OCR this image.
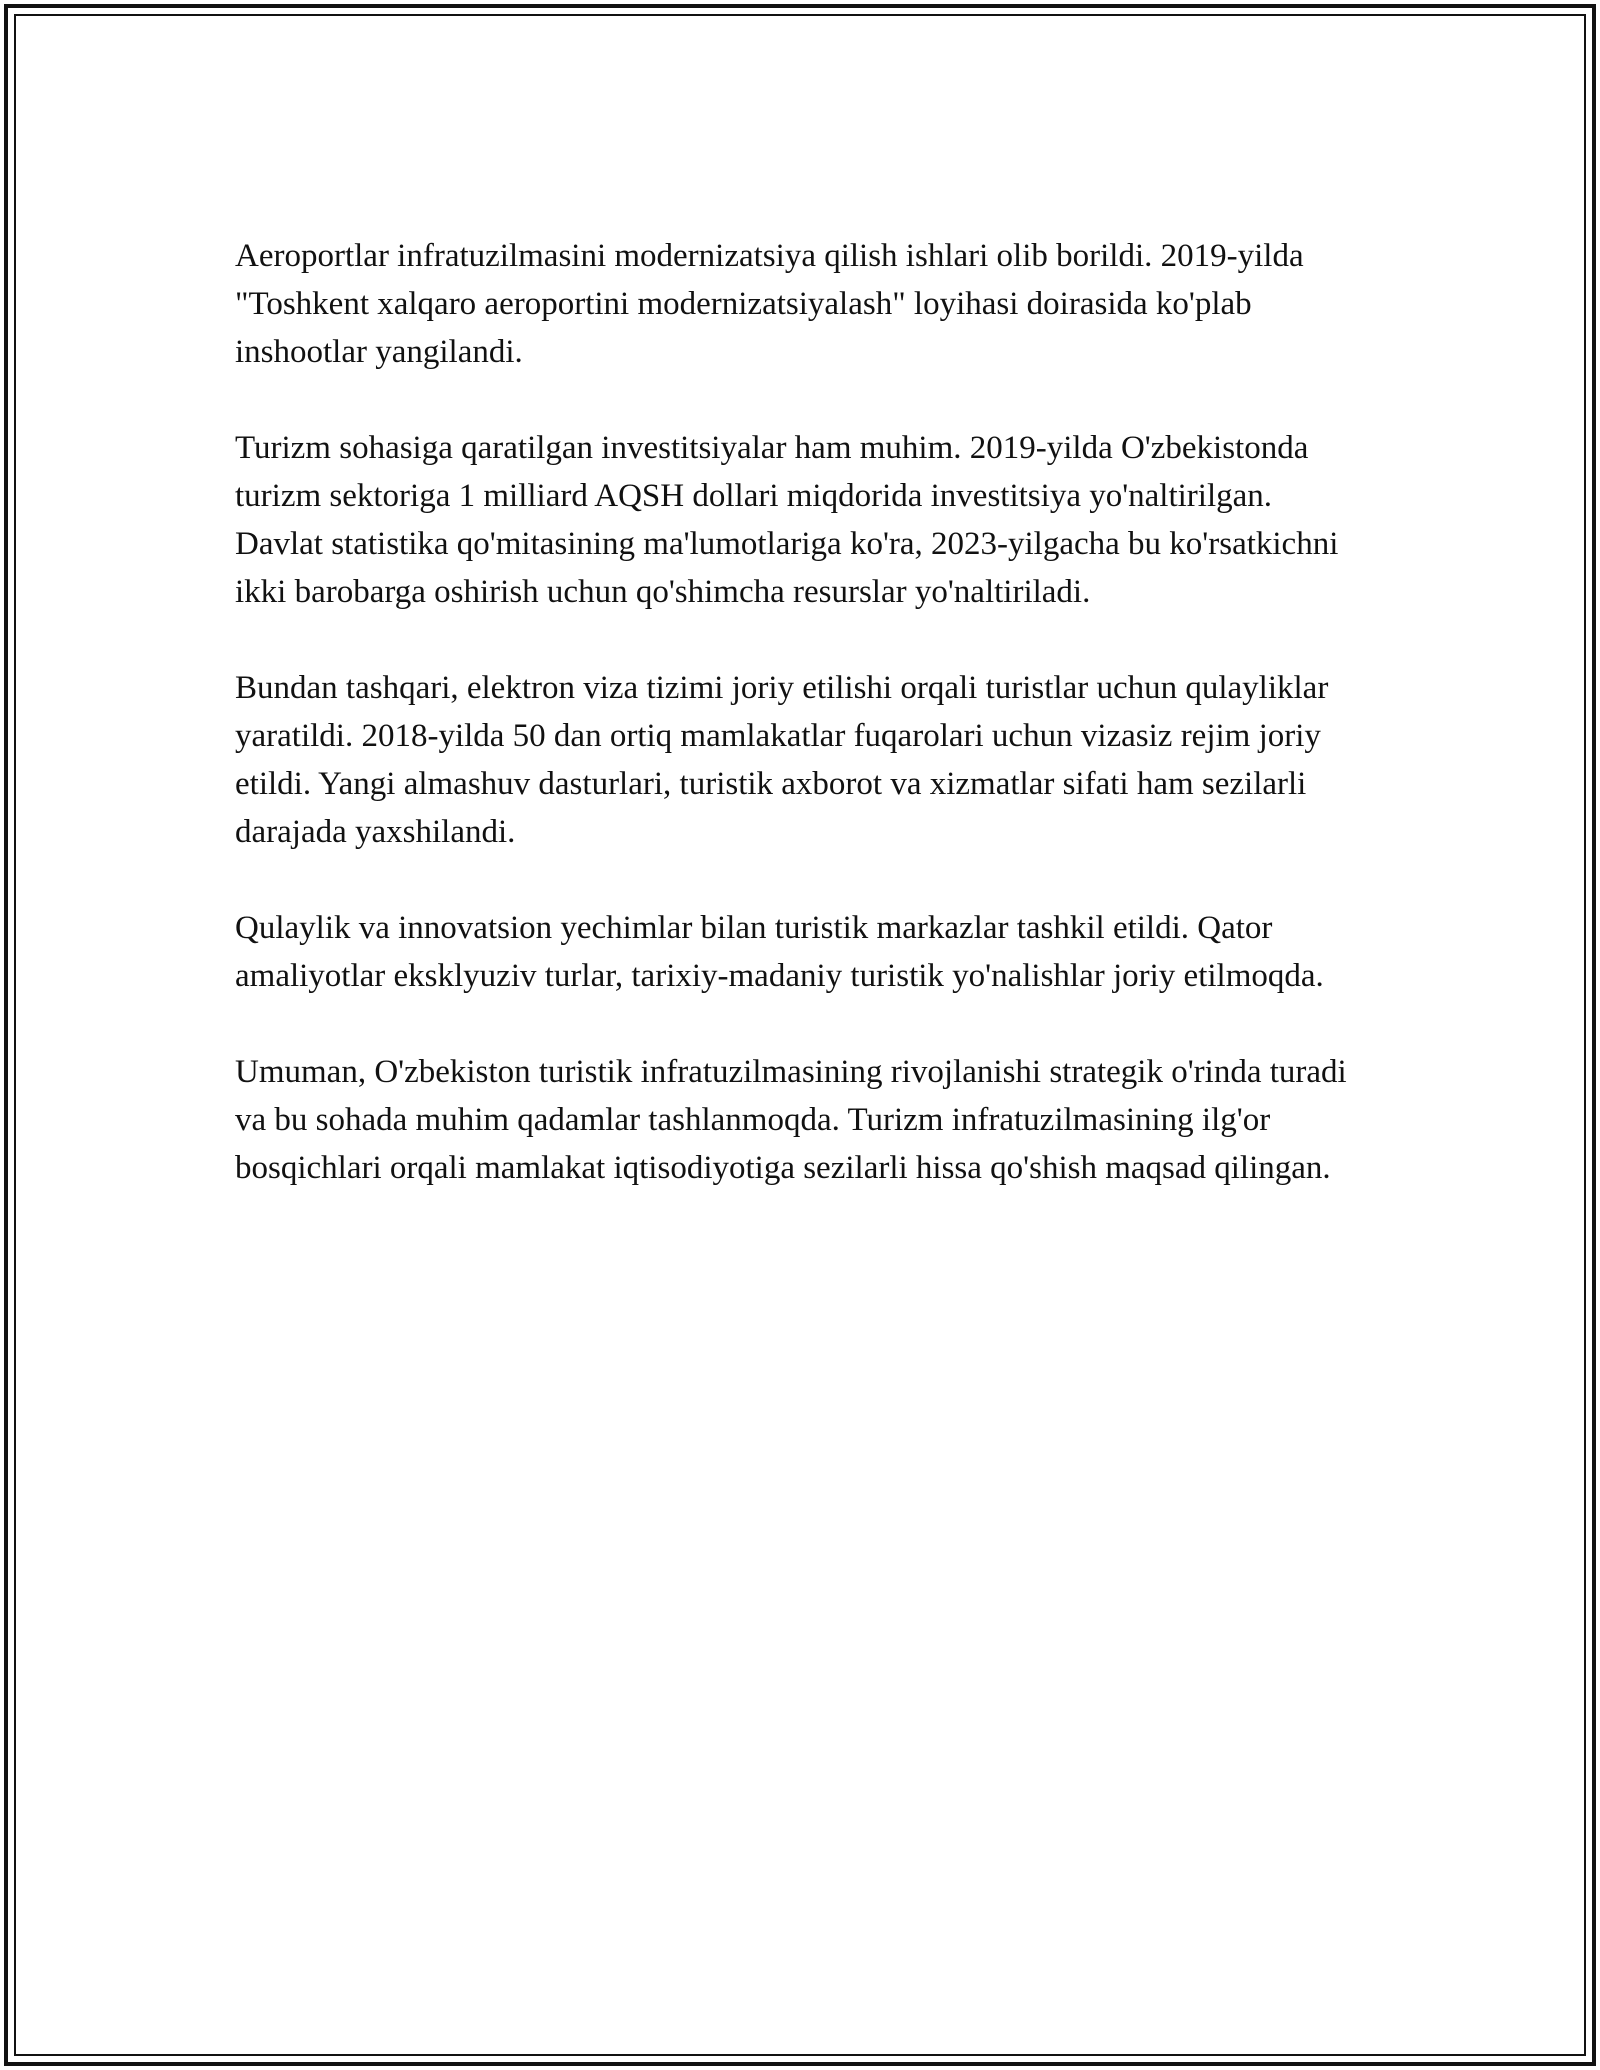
Aeroportlar infratuzilmasini modernizatsiya qilish ishlari olib borildi. 2019-yilda "Toshkent xalqaro aeroportini modernizatsiyalash" loyihasi doirasida ko'plab inshootlar yangilandi.

Turizm sohasiga qaratilgan investitsiyalar ham muhim. 2019-yilda O'zbekistonda turizm sektoriga 1 milliard AQSH dollari miqdorida investitsiya yo'naltirilgan. Davlat statistika qo'mitasining ma'lumotlariga ko'ra, 2023-yilgacha bu ko'rsatkichni ikki barobarga oshirish uchun qo'shimcha resurslar yo'naltiriladi.

Bundan tashqari, elektron viza tizimi joriy etilishi orqali turistlar uchun qulayliklar yaratildi. 2018-yilda 50 dan ortiq mamlakatlar fuqarolari uchun vizasiz rejim joriy etildi. Yangi almashuv dasturlari, turistik axborot va xizmatlar sifati ham sezilarli darajada yaxshilandi.

Qulaylik va innovatsion yechimlar bilan turistik markazlar tashkil etildi. Qator amaliyotlar eksklyuziv turlar, tarixiy-madaniy turistik yo'nalishlar joriy etilmoqda.

Umuman, O'zbekiston turistik infratuzilmasining rivojlanishi strategik o'rinda turadi va bu sohada muhim qadamlar tashlanmoqda. Turizm infratuzilmasining ilg'or bosqichlari orqali mamlakat iqtisodiyotiga sezilarli hissa qo'shish maqsad qilingan.
